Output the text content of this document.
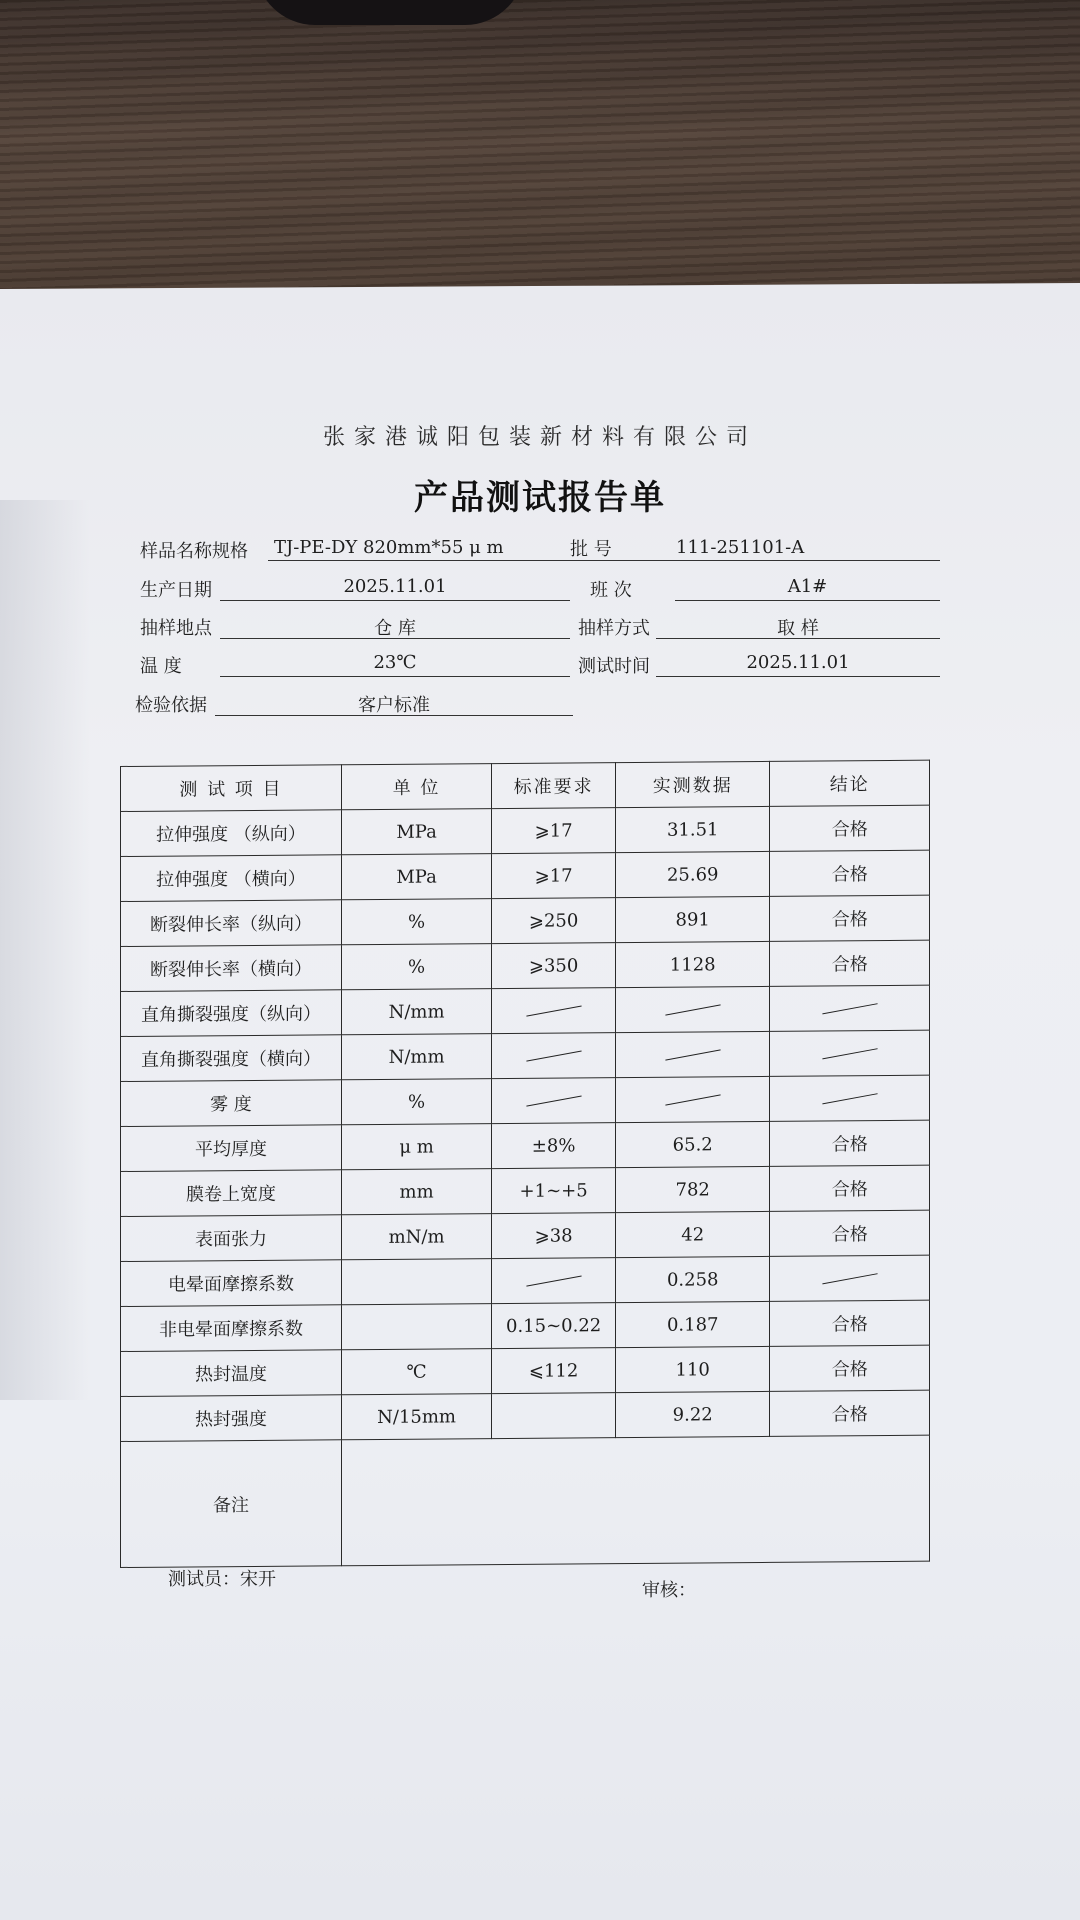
张家港诚阳包装新材料有限公司
产品测试报告单
样品名称规格	TJ-PE-DY 820mm*55 μ m	批 号	111-251101-A
生产日期	2025.11.01	班 次	A1#
抽样地点	仓 库	抽样方式	取 样
温 度	23℃	测试时间	2025.11.01
检验依据	客户标准
测 试 项 目	单 位	标准要求	实测数据	结论
拉伸强度 （纵向）	MPa	⩾17	31.51	合格
拉伸强度 （横向）	MPa	⩾17	25.69	合格
断裂伸长率（纵向）	%	⩾250	891	合格
断裂伸长率（横向）	%	⩾350	1128	合格
直角撕裂强度（纵向）	N/mm			
直角撕裂强度（横向）	N/mm			
雾 度	%			
平均厚度	μ m	±8%	65.2	合格
膜卷上宽度	mm	+1~+5	782	合格
表面张力	mN/m	⩾38	42	合格
电晕面摩擦系数			0.258	
非电晕面摩擦系数		0.15~0.22	0.187	合格
热封温度	℃	⩽112	110	合格
热封强度	N/15mm		9.22	合格
备注				
测试员：宋开
审核：
